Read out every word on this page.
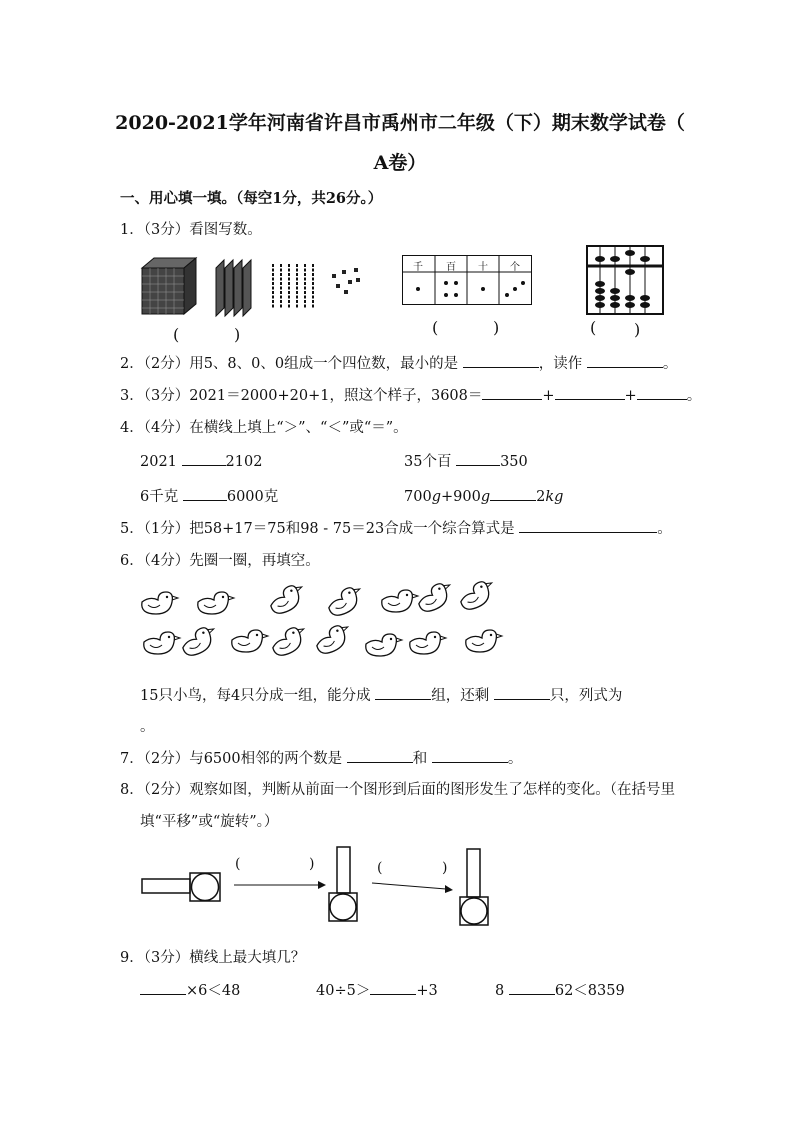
2020-2021学年河南省许昌市禹州市二年级（下）期末数学试卷（
A卷）
一、用心填一填。（每空1分，共26分。）
1．（3分）看图写数。
千 百 十 个
(	)	(	)	( )
2．（2分）用5、8、0、0组成一个四位数，最小的是	，读作	。
3．（3分）2021＝2000+20+1，照这个样子，3608＝	+	+	。
4．（4分）在横线上填上“＞”、“＜”或“＝”。
2021	2102	35个百	350
6千克	6000克	700g+900g	2kg
5．（1分）把58+17＝75和98 - 75＝23合成一个综合算式是	。
6．（4分）先圈一圈，再填空。
15只小鸟，每4只分成一组，能分成	组，还剩	只，列式为
。
7．（2分）与6500相邻的两个数是	和	。
8．（2分）观察如图，判断从前面一个图形到后面的图形发生了怎样的变化。（在括号里
填“平移”或“旋转”。）
(	)	(	)
9．（3分）横线上最大填几？
×6＜48	40÷5＞	+3	8	62＜8359
